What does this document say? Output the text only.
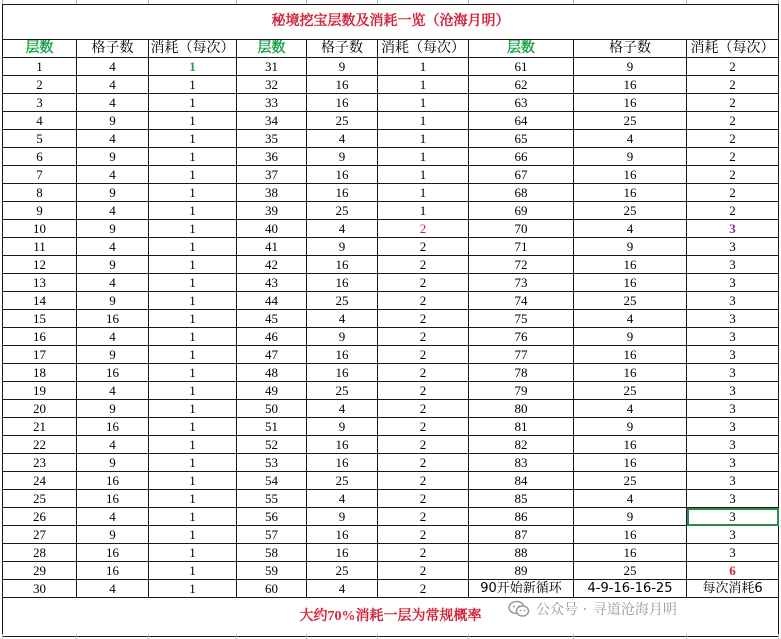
秘境挖宝层数及消耗一览（沧海月明）								
层数	格子数	消耗（每次）	层数	格子数	消耗（每次）	层数	格子数	消耗（每次）
1	4	1	31	9	1	61	9	2
2	4	1	32	16	1	62	16	2
3	4	1	33	16	1	63	16	2
4	9	1	34	25	1	64	25	2
5	4	1	35	4	1	65	4	2
6	9	1	36	9	1	66	9	2
7	4	1	37	16	1	67	16	2
8	9	1	38	16	1	68	16	2
9	4	1	39	25	1	69	25	2
10	9	1	40	4	2	70	4	3
11	4	1	41	9	2	71	9	3
12	9	1	42	16	2	72	16	3
13	4	1	43	16	2	73	16	3
14	9	1	44	25	2	74	25	3
15	16	1	45	4	2	75	4	3
16	4	1	46	9	2	76	9	3
17	9	1	47	16	2	77	16	3
18	16	1	48	16	2	78	16	3
19	4	1	49	25	2	79	25	3
20	9	1	50	4	2	80	4	3
21	16	1	51	9	2	81	9	3
22	4	1	52	16	2	82	16	3
23	9	1	53	16	2	83	16	3
24	16	1	54	25	2	84	25	3
25	16	1	55	4	2	85	4	3
26	4	1	56	9	2	86	9	3
27	9	1	57	16	2	87	16	3
28	16	1	58	16	2	88	16	3
29	16	1	59	25	2	89	25	6
30	4	1	60	4	2	90开始新循环	4-9-16-16-25	每次消耗6
大约70%消耗一层为常规概率									公众号 · 寻道沧海月明
